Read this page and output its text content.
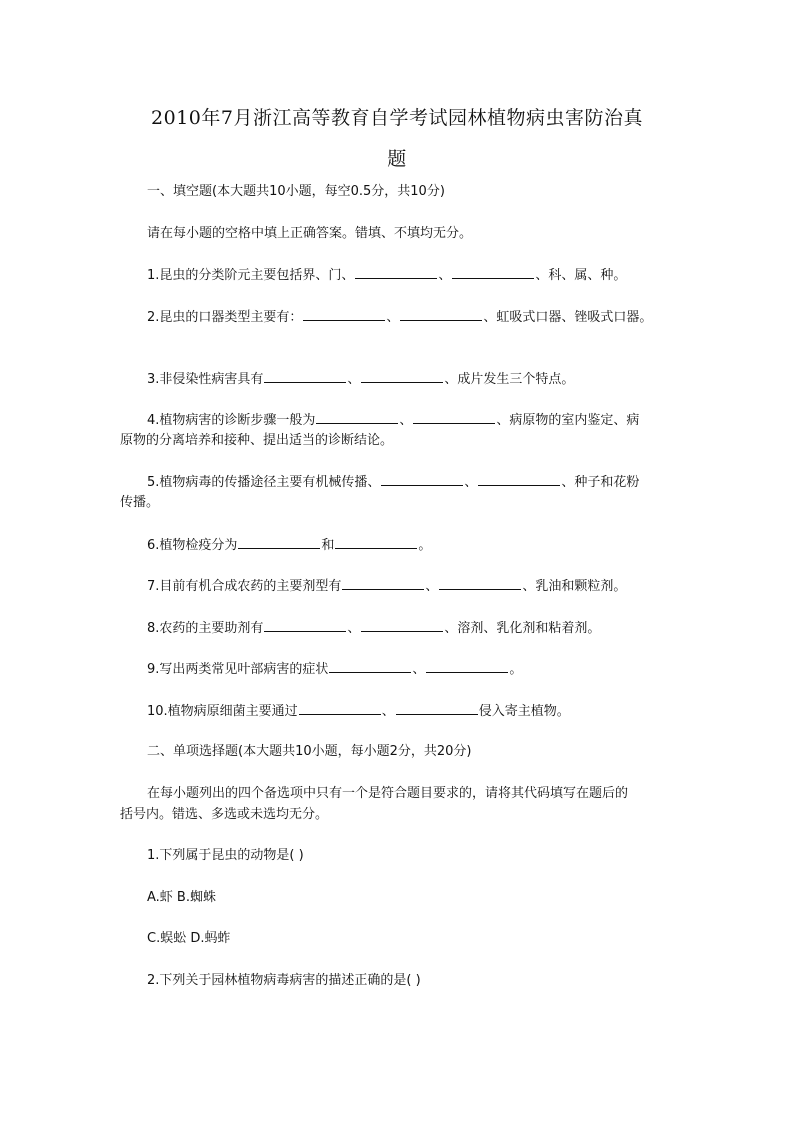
2010年7月浙江高等教育自学考试园林植物病虫害防治真
题
一、填空题(本大题共10小题，每空0.5分，共10分)
请在每小题的空格中填上正确答案。错填、不填均无分。
1.昆虫的分类阶元主要包括界、门、	、	、科、属、种。
2.昆虫的口器类型主要有：	、	、虹吸式口器、锉吸式口器。
3.非侵染性病害具有	、	、成片发生三个特点。
4.植物病害的诊断步骤一般为	、	、病原物的室内鉴定、病
原物的分离培养和接种、提出适当的诊断结论。
5.植物病毒的传播途径主要有机械传播、	、	、种子和花粉
传播。
6.植物检疫分为	和	。
7.目前有机合成农药的主要剂型有	、	、乳油和颗粒剂。
8.农药的主要助剂有	、	、溶剂、乳化剂和粘着剂。
9.写出两类常见叶部病害的症状	、	。
10.植物病原细菌主要通过	、	侵入寄主植物。
二、单项选择题(本大题共10小题，每小题2分，共20分)
在每小题列出的四个备选项中只有一个是符合题目要求的，请将其代码填写在题后的
括号内。错选、多选或未选均无分。
1.下列属于昆虫的动物是( )
A.虾 B.蜘蛛
C.蜈蚣 D.蚂蚱
2.下列关于园林植物病毒病害的描述正确的是( )
